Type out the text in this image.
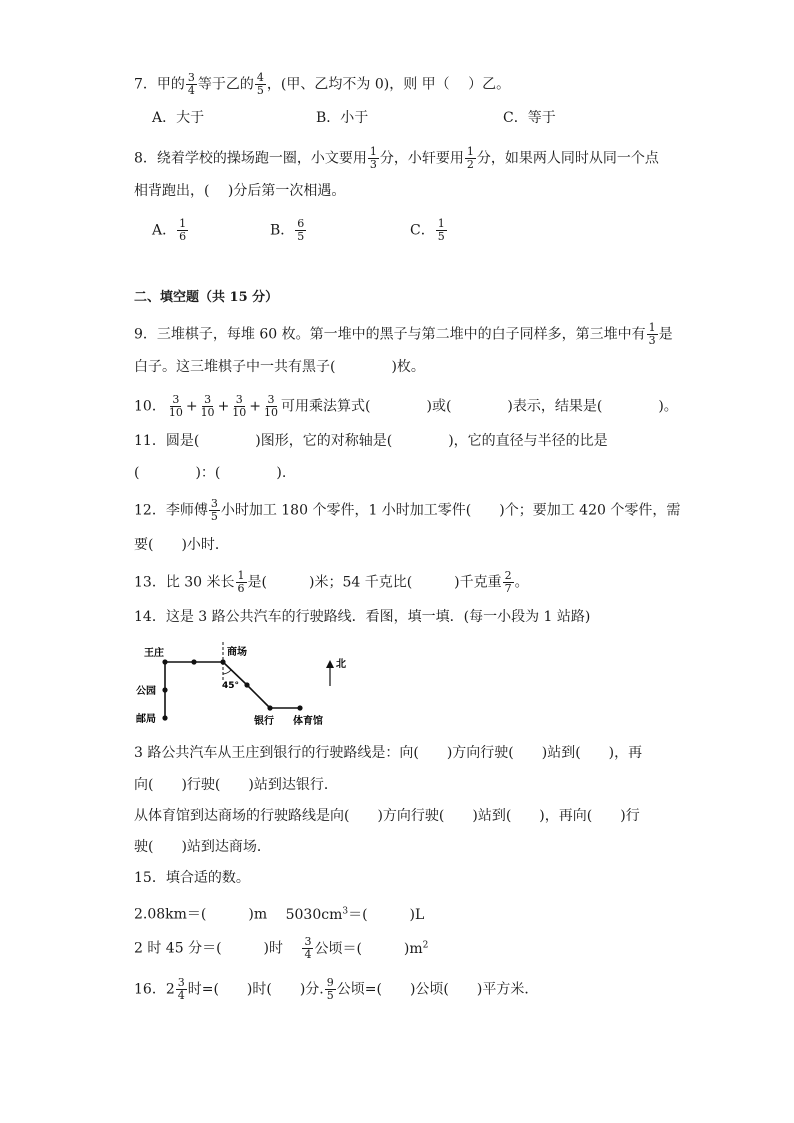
7．甲的 $\frac{3}{4}$ 等于乙的 $\frac{4}{5}$ ，(甲、乙均不为 0)，则 甲（　 ）乙。
A．大于	B．小于	C．等于
8．绕着学校的操场跑一圈，小文要用 $\frac{1}{3}$ 分，小轩要用 $\frac{1}{2}$ 分，如果两人同时从同一个点
相背跑出，(　 )分后第一次相遇。
A． $\frac{1}{6}$	B． $\frac{6}{5}$	C． $\frac{1}{5}$
二、填空题（共 15 分）
9．三堆棋子，每堆 60 枚。第一堆中的黑子与第二堆中的白子同样多，第三堆中有 $\frac{1}{3}$ 是
白子。这三堆棋子中一共有黑子(　　　　)枚。
10． $\frac{3}{10} + \frac{3}{10} + \frac{3}{10} + \frac{3}{10}$ 可用乘法算式(　　　　)或(　　　　)表示，结果是(　　　　)。
11．圆是(　　　　)图形，它的对称轴是(　　　　)，它的直径与半径的比是
(　　　　)：(　　　　).
12．李师傅 $\frac{3}{5}$ 小时加工 180 个零件，1 小时加工零件(　　)个；要加工 420 个零件，需
要(　　)小时．
13．比 30 米长 $\frac{1}{6}$ 是(　　　)米；54 千克比(　　　)千克重 $\frac{2}{7}$ 。
14．这是 3 路公共汽车的行驶路线．看图，填一填．(每一小段为 1 站路)
王庄	商场
公园
邮局	银行 体育馆
45°
北
3 路公共汽车从王庄到银行的行驶路线是：向(　　)方向行驶(　　)站到(　　)，再
向(　　)行驶(　　)站到达银行．
从体育馆到达商场的行驶路线是向(　　)方向行驶(　　)站到(　　)，再向(　　)行
驶(　　)站到达商场．
15．填合适的数。
2.08km＝(　　　)m $5030cm^3=$(　　　)L
2 时 45 分＝(　　　)时 $\frac{3}{4}$ 公顷＝(　　　)$m^2$
16．$2 \frac{3}{4}$ 时=(　　)时(　　)分. $\frac{9}{5}$ 公顷=(　　)公顷(　　)平方米．
